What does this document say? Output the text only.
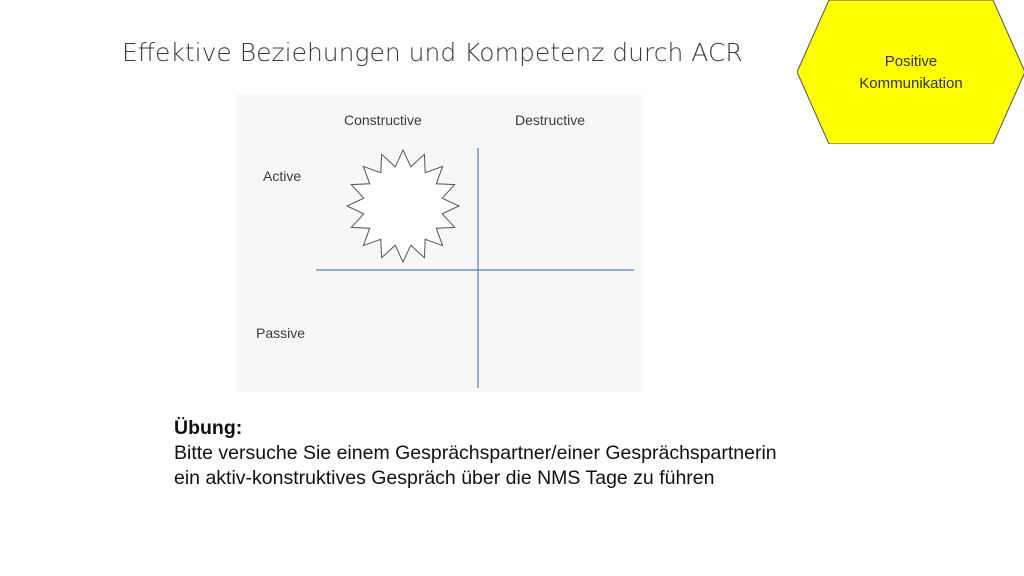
Effektive Beziehungen und Kompetenz durch ACR	Positive
Kommunikation
Constructive	Destructive
Active
Passive
Übung:
Bitte versuche Sie einem Gesprächspartner/einer Gesprächspartnerin
ein aktiv-konstruktives Gespräch über die NMS Tage zu führen
